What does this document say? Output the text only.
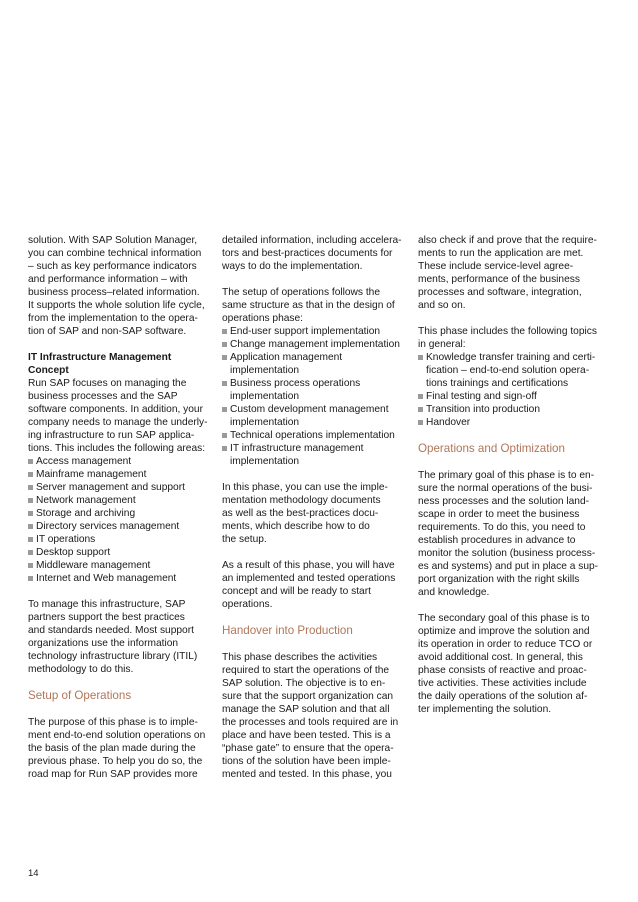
solution. With SAP Solution Manager,
you can combine technical information
– such as key performance indicators
and performance information – with
business process–related information.
It supports the whole solution life cycle,
from the implementation to the opera-
tion of SAP and non-SAP software.

IT Infrastructure Management
Concept

Run SAP focuses on managing the
business processes and the SAP
software components. In addition, your
company needs to manage the underly-
ing infrastructure to run SAP applica-
tions. This includes the following areas:

Access management
Mainframe management
Server management and support
Network management
Storage and archiving
Directory services management
IT operations
Desktop support
Middleware management
Internet and Web management

To manage this infrastructure, SAP
partners support the best practices
and standards needed. Most support
organizations use the information
technology infrastructure library (ITIL)
methodology to do this.

Setup of Operations

The purpose of this phase is to imple-
ment end-to-end solution operations on
the basis of the plan made during the
previous phase. To help you do so, the
road map for Run SAP provides more

detailed information, including accelera-
tors and best-practices documents for
ways to do the implementation.

The setup of operations follows the
same structure as that in the design of
operations phase:

End-user support implementation
Change management implementation
Application management
implementation
Business process operations
implementation
Custom development management
implementation
Technical operations implementation
IT infrastructure management
implementation

In this phase, you can use the imple-
mentation methodology documents
as well as the best-practices docu-
ments, which describe how to do
the setup.

As a result of this phase, you will have
an implemented and tested operations
concept and will be ready to start
operations.

Handover into Production

This phase describes the activities
required to start the operations of the
SAP solution. The objective is to en-
sure that the support organization can
manage the SAP solution and that all
the processes and tools required are in
place and have been tested. This is a
“phase gate” to ensure that the opera-
tions of the solution have been imple-
mented and tested. In this phase, you

also check if and prove that the require-
ments to run the application are met.
These include service-level agree-
ments, performance of the business
processes and software, integration,
and so on.

This phase includes the following topics
in general:

Knowledge transfer training and certi-
fication – end-to-end solution opera-
tions trainings and certifications
Final testing and sign-off
Transition into production
Handover

Operations and Optimization

The primary goal of this phase is to en-
sure the normal operations of the busi-
ness processes and the solution land-
scape in order to meet the business
requirements. To do this, you need to
establish procedures in advance to
monitor the solution (business process-
es and systems) and put in place a sup-
port organization with the right skills
and knowledge.

The secondary goal of this phase is to
optimize and improve the solution and
its operation in order to reduce TCO or
avoid additional cost. In general, this
phase consists of reactive and proac-
tive activities. These activities include
the daily operations of the solution af-
ter implementing the solution.

14
